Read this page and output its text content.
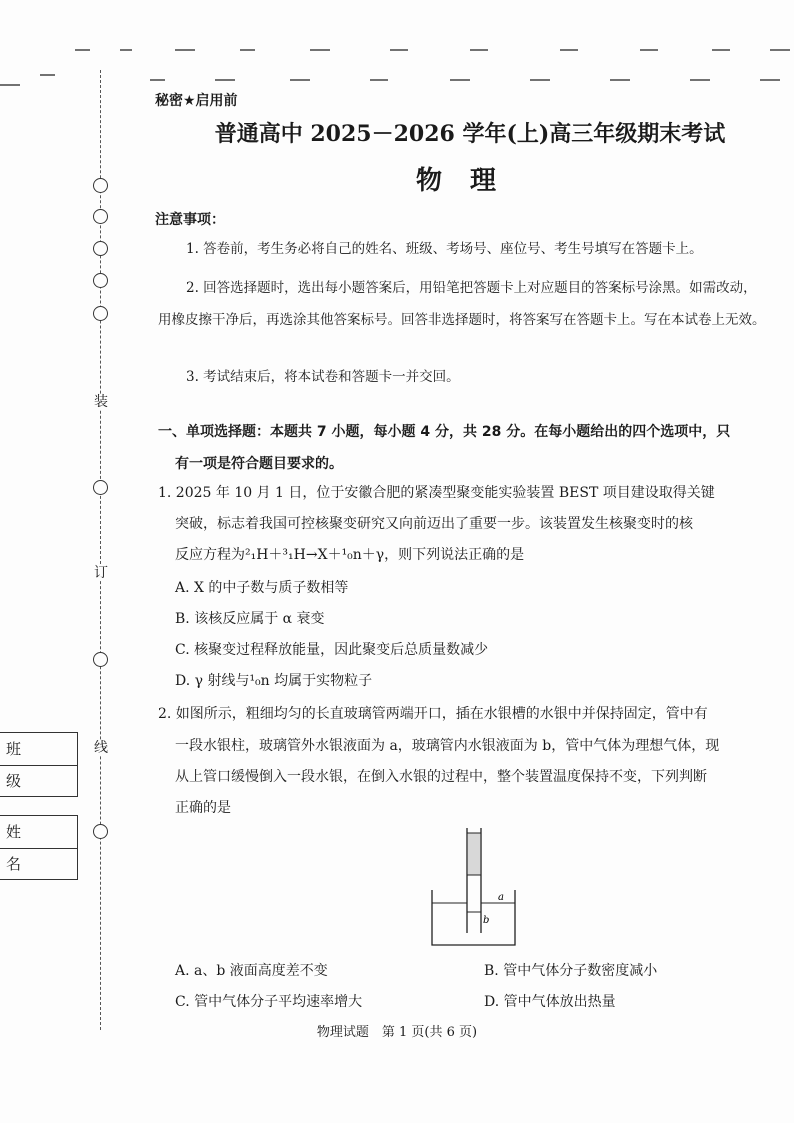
装
订
线
班级
姓名
秘密★启用前
普通高中 2025－2026 学年(上)高三年级期末考试
物理
注意事项：
1. 答卷前，考生务必将自己的姓名、班级、考场号、座位号、考生号填写在答题卡上。
2. 回答选择题时，选出每小题答案后，用铅笔把答题卡上对应题目的答案标号涂黑。如需改动，用橡皮擦干净后，再选涂其他答案标号。回答非选择题时，将答案写在答题卡上。写在本试卷上无效。
3. 考试结束后，将本试卷和答题卡一并交回。
一、单项选择题：本题共 7 小题，每小题 4 分，共 28 分。在每小题给出的四个选项中，只
有一项是符合题目要求的。
1. 2025 年 10 月 1 日，位于安徽合肥的紧凑型聚变能实验装置 BEST 项目建设取得关键
突破，标志着我国可控核聚变研究又向前迈出了重要一步。该装置发生核聚变时的核
反应方程为²₁H＋³₁H→X＋¹₀n＋γ，则下列说法正确的是
A. X 的中子数与质子数相等
B. 该核反应属于 α 衰变
C. 核聚变过程释放能量，因此聚变后总质量数减少
D. γ 射线与¹₀n 均属于实物粒子
2. 如图所示，粗细均匀的长直玻璃管两端开口，插在水银槽的水银中并保持固定，管中有
一段水银柱，玻璃管外水银液面为 a，玻璃管内水银液面为 b，管中气体为理想气体，现
从上管口缓慢倒入一段水银，在倒入水银的过程中，整个装置温度保持不变，下列判断
正确的是
a
b
A. a、b 液面高度差不变	B. 管中气体分子数密度减小
C. 管中气体分子平均速率增大	D. 管中气体放出热量
物理试题　第 1 页(共 6 页)
